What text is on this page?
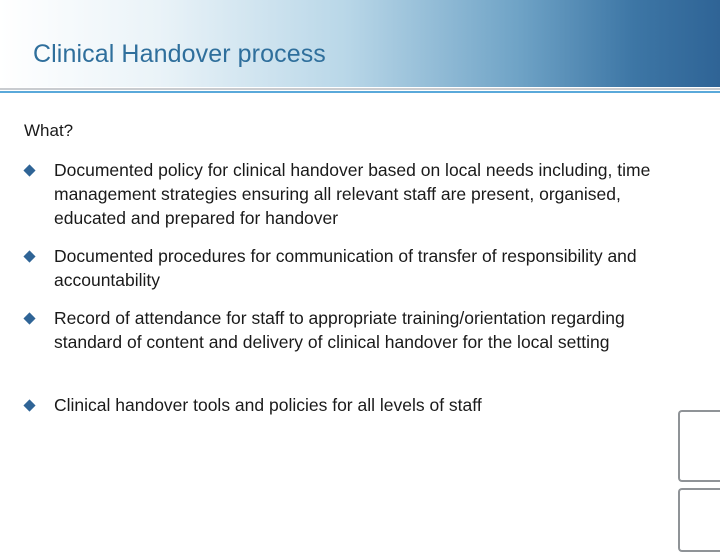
Clinical Handover process
What?
Documented policy for clinical handover based on local needs including, time management strategies ensuring all relevant staff are present, organised, educated and prepared for handover
Documented procedures for communication of transfer of responsibility and accountability
Record of attendance for staff to appropriate training/orientation regarding standard of content and delivery of clinical handover for the local setting
Clinical handover tools and policies for all levels of staff
